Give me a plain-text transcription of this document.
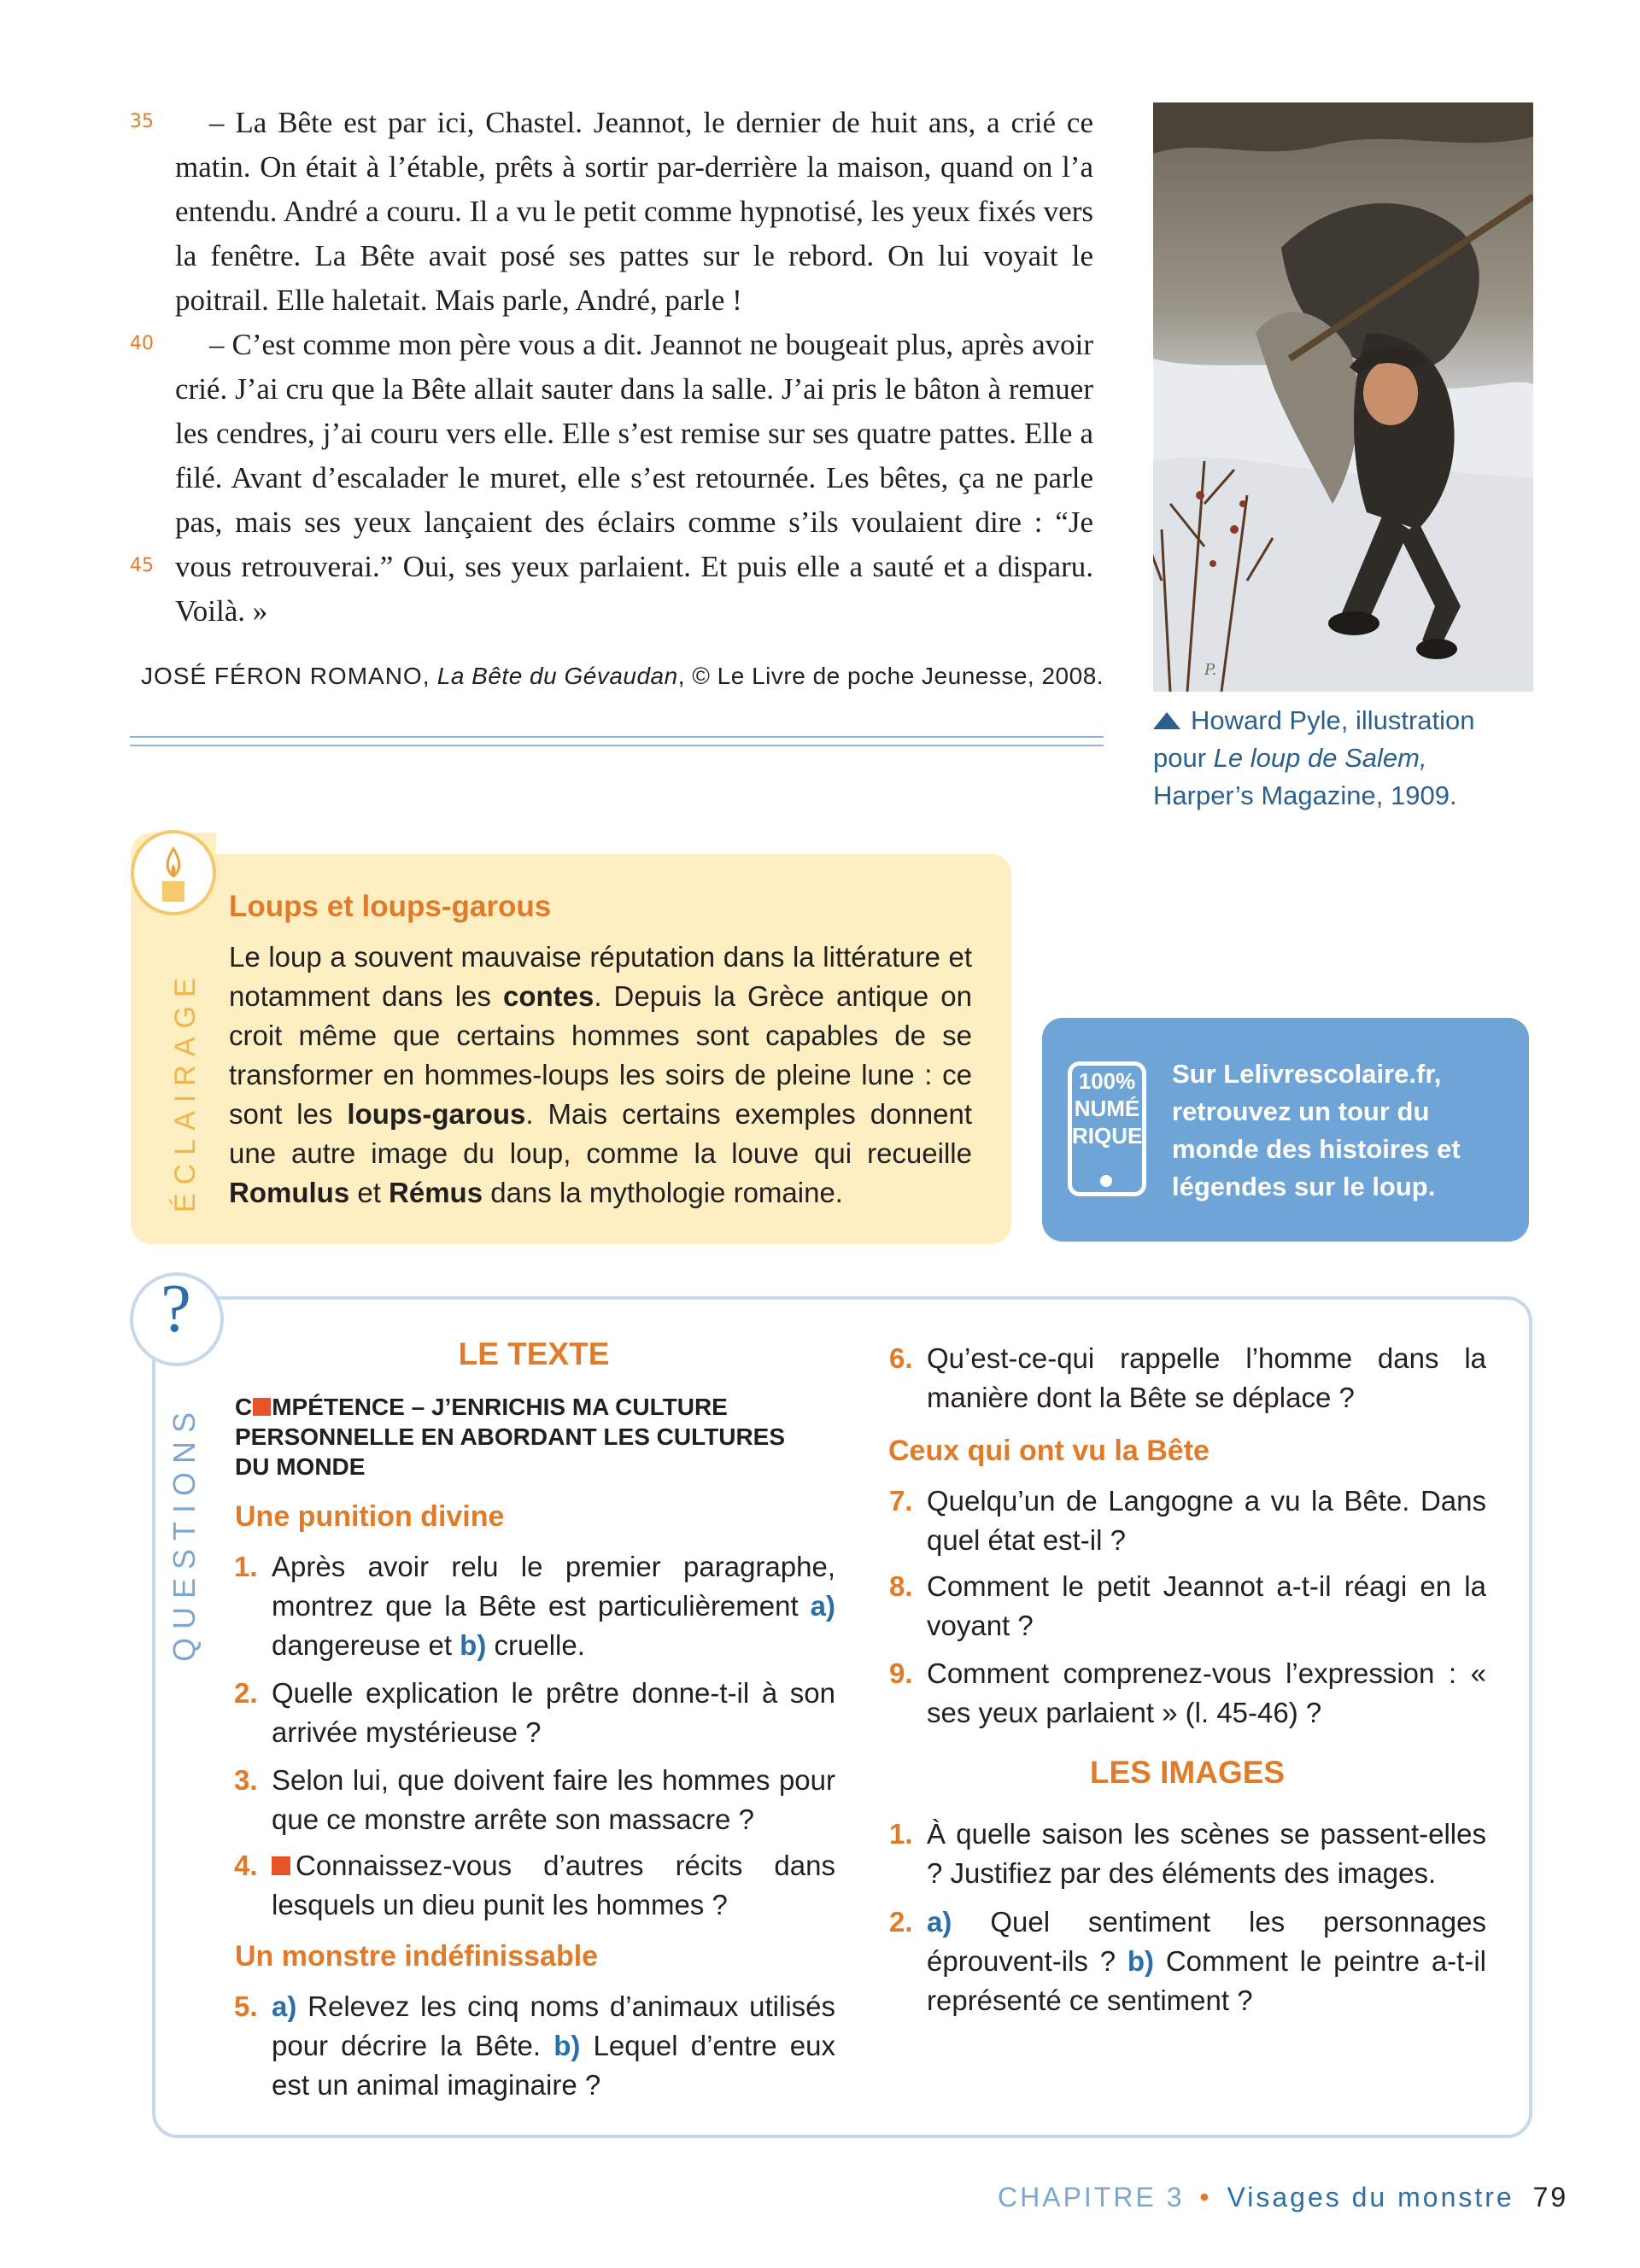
35
40
45

– La Bête est par ici, Chastel. Jeannot, le dernier de huit ans, a crié ce matin. On était à l’étable, prêts à sortir par-derrière la maison, quand on l’a entendu. André a couru. Il a vu le petit comme hypnotisé, les yeux fixés vers la fenêtre. La Bête avait posé ses pattes sur le rebord. On lui voyait le poitrail. Elle haletait. Mais parle, André, parle !

– C’est comme mon père vous a dit. Jeannot ne bougeait plus, après avoir crié. J’ai cru que la Bête allait sauter dans la salle. J’ai pris le bâton à remuer les cendres, j’ai couru vers elle. Elle s’est remise sur ses quatre pattes. Elle a filé. Avant d’escalader le muret, elle s’est retournée. Les bêtes, ça ne parle pas, mais ses yeux lançaient des éclairs comme s’ils voulaient dire : “Je vous retrouverai.” Oui, ses yeux parlaient. Et puis elle a sauté et a disparu. Voilà. »

JOSÉ FÉRON ROMANO, La Bête du Gévaudan, © Le Livre de poche Jeunesse, 2008.	P.
Howard Pyle, illustration
pour Le loup de Salem,
Harper’s Magazine, 1909.
ÉCLAIRAGE
Loups et loups-garous
Le loup a souvent mauvaise réputation dans la littérature et notamment dans les contes. Depuis la Grèce antique on croit même que certains hommes sont capables de se transformer en hommes-loups les soirs de pleine lune : ce sont les loups-garous. Mais certains exemples donnent une autre image du loup, comme la louve qui recueille Romulus et Rémus dans la mythologie romaine.
100%
NUMÉ
RIQUE
Sur Lelivrescolaire.fr, retrouvez un tour du monde des histoires et légendes sur le loup.
?
QUESTIONS
LE TEXTE
C MPÉTENCE – J’ENRICHIS MA CULTURE
PERSONNELLE EN ABORDANT LES CULTURES
DU MONDE
Une punition divine
1. Après avoir relu le premier paragraphe, montrez que la Bête est particulièrement a) dangereuse et b) cruelle.
2. Quelle explication le prêtre donne-t-il à son arrivée mystérieuse ?
3. Selon lui, que doivent faire les hommes pour que ce monstre arrête son massacre ?
4. Connaissez-vous d’autres récits dans lesquels un dieu punit les hommes ?
Un monstre indéfinissable
5. a) Relevez les cinq noms d’animaux utilisés pour décrire la Bête. b) Lequel d’entre eux est un animal imaginaire ?
6. Qu’est-ce-qui rappelle l’homme dans la manière dont la Bête se déplace ?
Ceux qui ont vu la Bête
7. Quelqu’un de Langogne a vu la Bête. Dans quel état est-il ?
8. Comment le petit Jeannot a-t-il réagi en la voyant ?
9. Comment comprenez-vous l’expression : « ses yeux parlaient » (l. 45-46) ?
LES IMAGES
1. À quelle saison les scènes se passent-elles ? Justifiez par des éléments des images.
2. a) Quel sentiment les personnages éprouvent-ils ? b) Comment le peintre a-t-il représenté ce sentiment ?
CHAPITRE 3 • Visages du monstre 79
